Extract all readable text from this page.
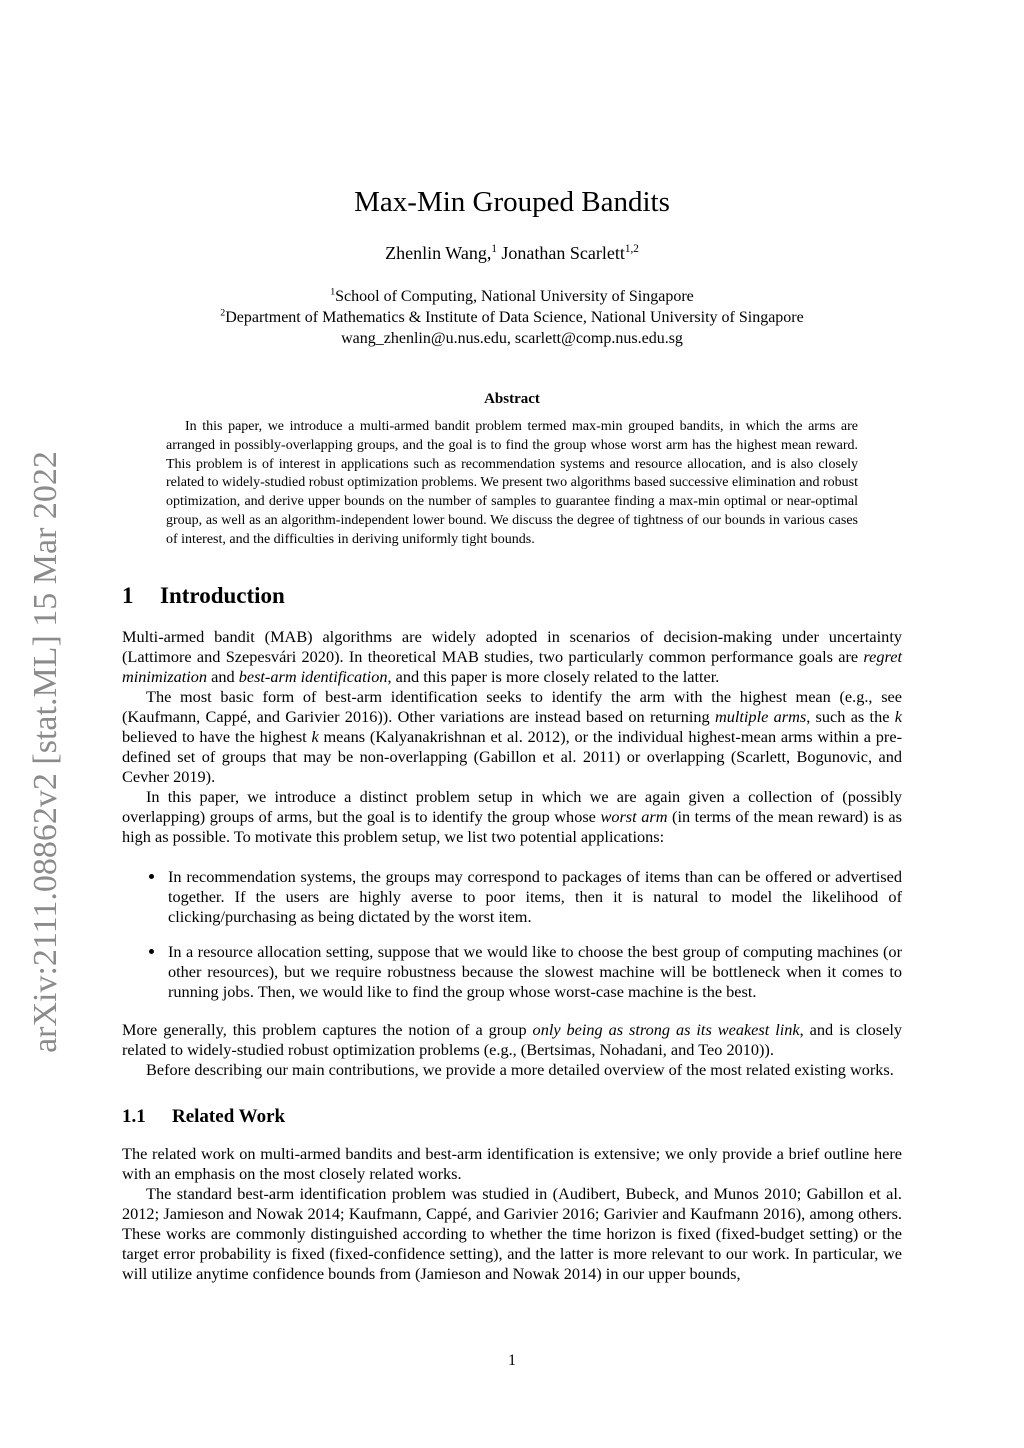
arXiv:2111.08862v2 [stat.ML] 15 Mar 2022
Max-Min Grouped Bandits
Zhenlin Wang,$^1$ Jonathan Scarlett$^{1,2}$
$^1$School of Computing, National University of Singapore
$^2$Department of Mathematics & Institute of Data Science, National University of Singapore
wang_zhenlin@u.nus.edu, scarlett@comp.nus.edu.sg
Abstract

In this paper, we introduce a multi-armed bandit problem termed max-min grouped bandits, in which the arms are arranged in possibly-overlapping groups, and the goal is to find the group whose worst arm has the highest mean reward. This problem is of interest in applications such as recommendation systems and resource allocation, and is also closely related to widely-studied robust optimization problems. We present two algorithms based successive elimination and robust optimization, and derive upper bounds on the number of samples to guarantee finding a max-min optimal or near-optimal group, as well as an algorithm-independent lower bound. We discuss the degree of tightness of our bounds in various cases of interest, and the difficulties in deriving uniformly tight bounds.

1 Introduction

Multi-armed bandit (MAB) algorithms are widely adopted in scenarios of decision-making under uncertainty (Lattimore and Szepesvári 2020). In theoretical MAB studies, two particularly common performance goals are regret minimization and best-arm identification, and this paper is more closely related to the latter.

The most basic form of best-arm identification seeks to identify the arm with the highest mean (e.g., see (Kaufmann, Cappé, and Garivier 2016)). Other variations are instead based on returning multiple arms, such as the k believed to have the highest k means (Kalyanakrishnan et al. 2012), or the individual highest-mean arms within a pre-defined set of groups that may be non-overlapping (Gabillon et al. 2011) or overlapping (Scarlett, Bogunovic, and Cevher 2019).

In this paper, we introduce a distinct problem setup in which we are again given a collection of (possibly overlapping) groups of arms, but the goal is to identify the group whose worst arm (in terms of the mean reward) is as high as possible. To motivate this problem setup, we list two potential applications:

• In recommendation systems, the groups may correspond to packages of items than can be offered or advertised together. If the users are highly averse to poor items, then it is natural to model the likelihood of clicking/purchasing as being dictated by the worst item.
• In a resource allocation setting, suppose that we would like to choose the best group of computing machines (or other resources), but we require robustness because the slowest machine will be bottleneck when it comes to running jobs. Then, we would like to find the group whose worst-case machine is the best.

More generally, this problem captures the notion of a group only being as strong as its weakest link, and is closely related to widely-studied robust optimization problems (e.g., (Bertsimas, Nohadani, and Teo 2010)).

Before describing our main contributions, we provide a more detailed overview of the most related existing works.

1.1 Related Work

The related work on multi-armed bandits and best-arm identification is extensive; we only provide a brief outline here with an emphasis on the most closely related works.

The standard best-arm identification problem was studied in (Audibert, Bubeck, and Munos 2010; Gabillon et al. 2012; Jamieson and Nowak 2014; Kaufmann, Cappé, and Garivier 2016; Garivier and Kaufmann 2016), among others. These works are commonly distinguished according to whether the time horizon is fixed (fixed-budget setting) or the target error probability is fixed (fixed-confidence setting), and the latter is more relevant to our work. In particular, we will utilize anytime confidence bounds from (Jamieson and Nowak 2014) in our upper bounds,

1
